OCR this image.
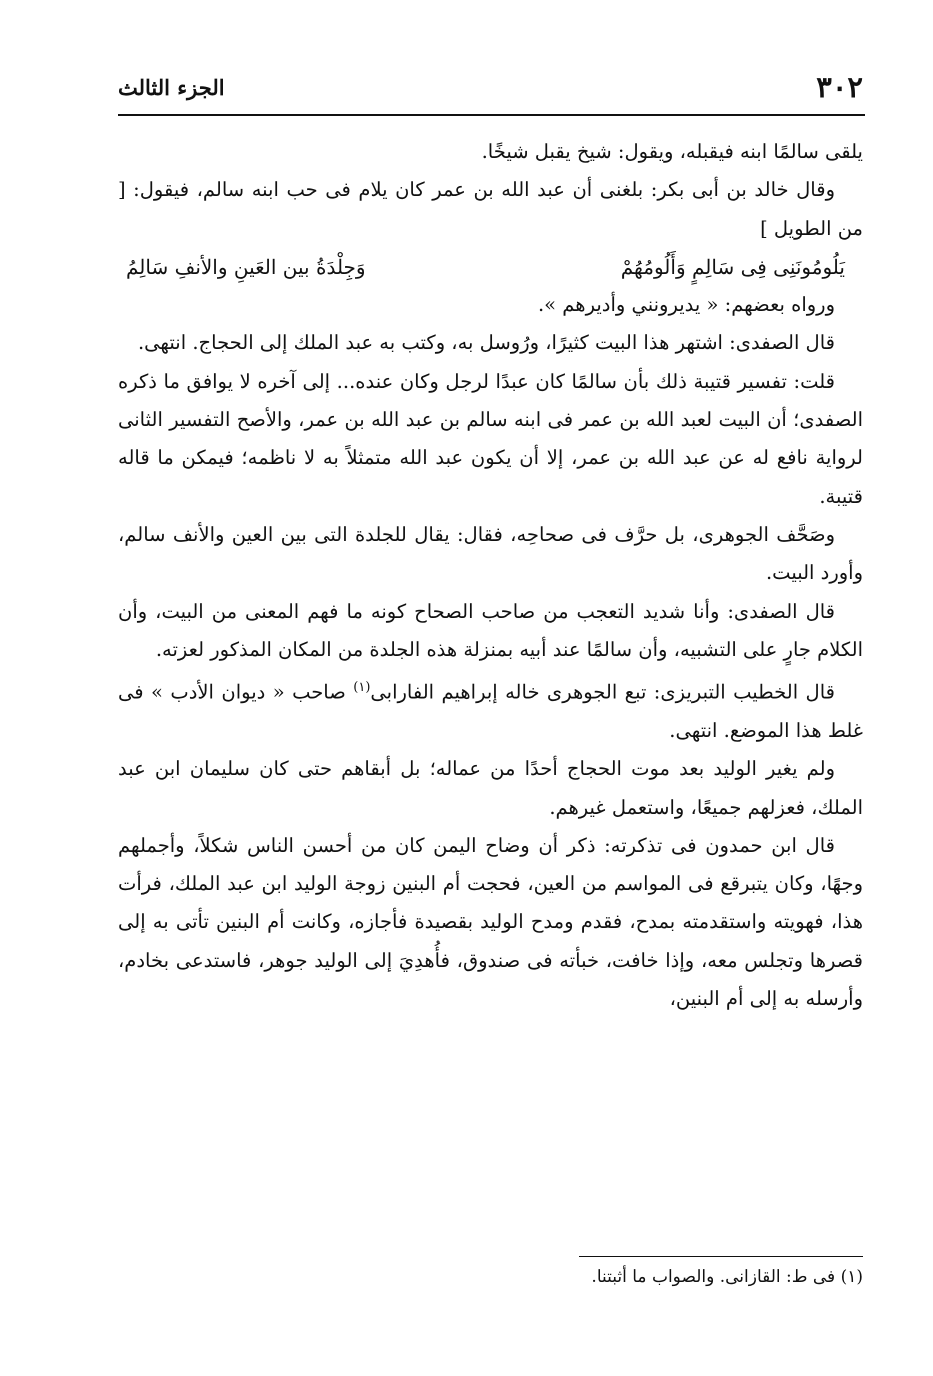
٣٠٢
الجزء الثالث

يلقى سالمًا ابنه فيقبله، ويقول: شيخ يقبل شيخًا.

وقال خالد بن أبى بكر: بلغنى أن عبد الله بن عمر كان يلام فى حب ابنه سالم، فيقول: [ من الطويل ]

يَلُومُونَنِى فِى سَالِمٍ وَأَلُومُهُمْ
وَجِلْدَةُ بين العَينِ والأنفِ سَالِمُ

ورواه بعضهم: « يديرونني وأديرهم ».

قال الصفدى: اشتهر هذا البيت كثيرًا، ورُوسل به، وكتب به عبد الملك إلى الحجاج. انتهى.

قلت: تفسير قتيبة ذلك بأن سالمًا كان عبدًا لرجل وكان عنده... إلى آخره لا يوافق ما ذكره الصفدى؛ أن البيت لعبد الله بن عمر فى ابنه سالم بن عبد الله بن عمر، والأصح التفسير الثانى لرواية نافع له عن عبد الله بن عمر، إلا أن يكون عبد الله متمثلاً به لا ناظمه؛ فيمكن ما قاله قتيبة.

وصَحَّف الجوهرى، بل حرَّف فى صحاحِه، فقال: يقال للجلدة التى بين العين والأنف سالم، وأورد البيت.

قال الصفدى: وأنا شديد التعجب من صاحب الصحاح كونه ما فهم المعنى من البيت، وأن الكلام جارٍ على التشبيه، وأن سالمًا عند أبيه بمنزلة هذه الجلدة من المكان المذكور لعزته.

قال الخطيب التبريزى: تبع الجوهرى خاله إبراهيم الفارابى$^{(١)}$ صاحب « ديوان الأدب » فى غلط هذا الموضع. انتهى.

ولم يغير الوليد بعد موت الحجاج أحدًا من عماله؛ بل أبقاهم حتى كان سليمان ابن عبد الملك، فعزلهم جميعًا، واستعمل غيرهم.

قال ابن حمدون فى تذكرته: ذكر أن وضاح اليمن كان من أحسن الناس شكلاً، وأجملهم وجهًا، وكان يتبرقع فى المواسم من العين، فحجت أم البنين زوجة الوليد ابن عبد الملك، فرأت هذا، فهويته واستقدمته بمدح، فقدم ومدح الوليد بقصيدة فأجازه، وكانت أم البنين تأتى به إلى قصرها وتجلس معه، وإذا خافت، خبأته فى صندوق، فأُهدِيَ إلى الوليد جوهر، فاستدعى بخادم، وأرسله به إلى أم البنين،

(١) فى ط: القازانى. والصواب ما أثبتنا.
